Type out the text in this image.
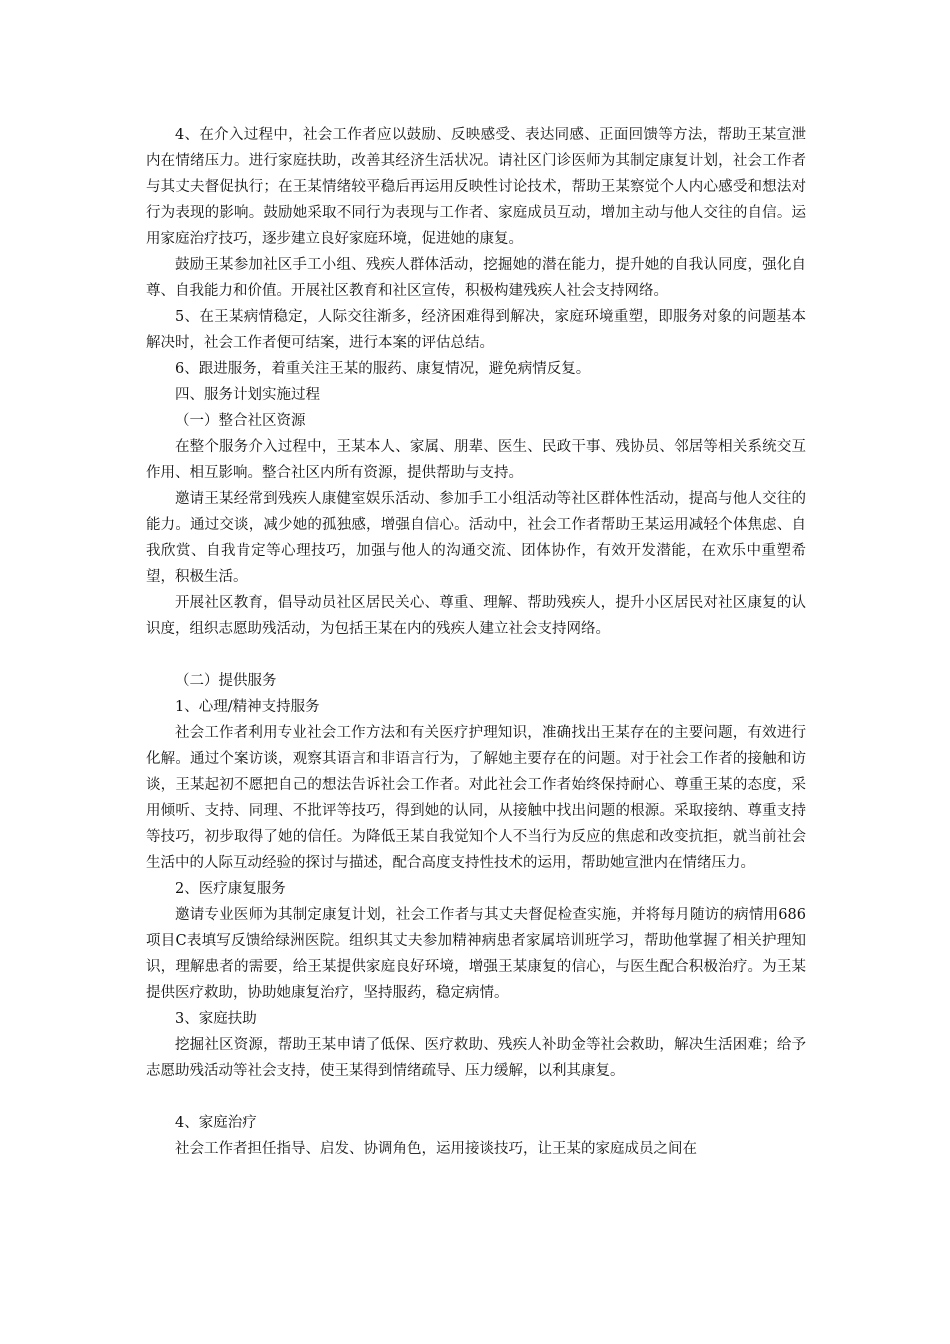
4、在介入过程中，社会工作者应以鼓励、反映感受、表达同感、正面回馈等方法，帮助王某宣泄内在情绪压力。进行家庭扶助，改善其经济生活状况。请社区门诊医师为其制定康复计划，社会工作者与其丈夫督促执行；在王某情绪较平稳后再运用反映性讨论技术，帮助王某察觉个人内心感受和想法对行为表现的影响。鼓励她采取不同行为表现与工作者、家庭成员互动，增加主动与他人交往的自信。运用家庭治疗技巧，逐步建立良好家庭环境，促进她的康复。

鼓励王某参加社区手工小组、残疾人群体活动，挖掘她的潜在能力，提升她的自我认同度，强化自尊、自我能力和价值。开展社区教育和社区宣传，积极构建残疾人社会支持网络。

5、在王某病情稳定，人际交往渐多，经济困难得到解决，家庭环境重塑，即服务对象的问题基本解决时，社会工作者便可结案，进行本案的评估总结。

6、跟进服务，着重关注王某的服药、康复情况，避免病情反复。

四、服务计划实施过程

（一）整合社区资源

在整个服务介入过程中，王某本人、家属、朋辈、医生、民政干事、残协员、邻居等相关系统交互作用、相互影响。整合社区内所有资源，提供帮助与支持。

邀请王某经常到残疾人康健室娱乐活动、参加手工小组活动等社区群体性活动，提高与他人交往的能力。通过交谈，减少她的孤独感，增强自信心。活动中，社会工作者帮助王某运用减轻个体焦虑、自我欣赏、自我肯定等心理技巧，加强与他人的沟通交流、团体协作，有效开发潜能，在欢乐中重塑希望，积极生活。

开展社区教育，倡导动员社区居民关心、尊重、理解、帮助残疾人，提升小区居民对社区康复的认识度，组织志愿助残活动，为包括王某在内的残疾人建立社会支持网络。

（二）提供服务

1、心理/精神支持服务

社会工作者利用专业社会工作方法和有关医疗护理知识，准确找出王某存在的主要问题，有效进行化解。通过个案访谈，观察其语言和非语言行为，了解她主要存在的问题。对于社会工作者的接触和访谈，王某起初不愿把自己的想法告诉社会工作者。对此社会工作者始终保持耐心、尊重王某的态度，采用倾听、支持、同理、不批评等技巧，得到她的认同，从接触中找出问题的根源。采取接纳、尊重支持等技巧，初步取得了她的信任。为降低王某自我觉知个人不当行为反应的焦虑和改变抗拒，就当前社会生活中的人际互动经验的探讨与描述，配合高度支持性技术的运用，帮助她宣泄内在情绪压力。

2、医疗康复服务

邀请专业医师为其制定康复计划，社会工作者与其丈夫督促检查实施，并将每月随访的病情用686项目C表填写反馈给绿洲医院。组织其丈夫参加精神病患者家属培训班学习，帮助他掌握了相关护理知识，理解患者的需要，给王某提供家庭良好环境，增强王某康复的信心，与医生配合积极治疗。为王某提供医疗救助，协助她康复治疗，坚持服药，稳定病情。

3、家庭扶助

挖掘社区资源，帮助王某申请了低保、医疗救助、残疾人补助金等社会救助，解决生活困难；给予志愿助残活动等社会支持，使王某得到情绪疏导、压力缓解，以利其康复。

4、家庭治疗

社会工作者担任指导、启发、协调角色，运用接谈技巧，让王某的家庭成员之间在
